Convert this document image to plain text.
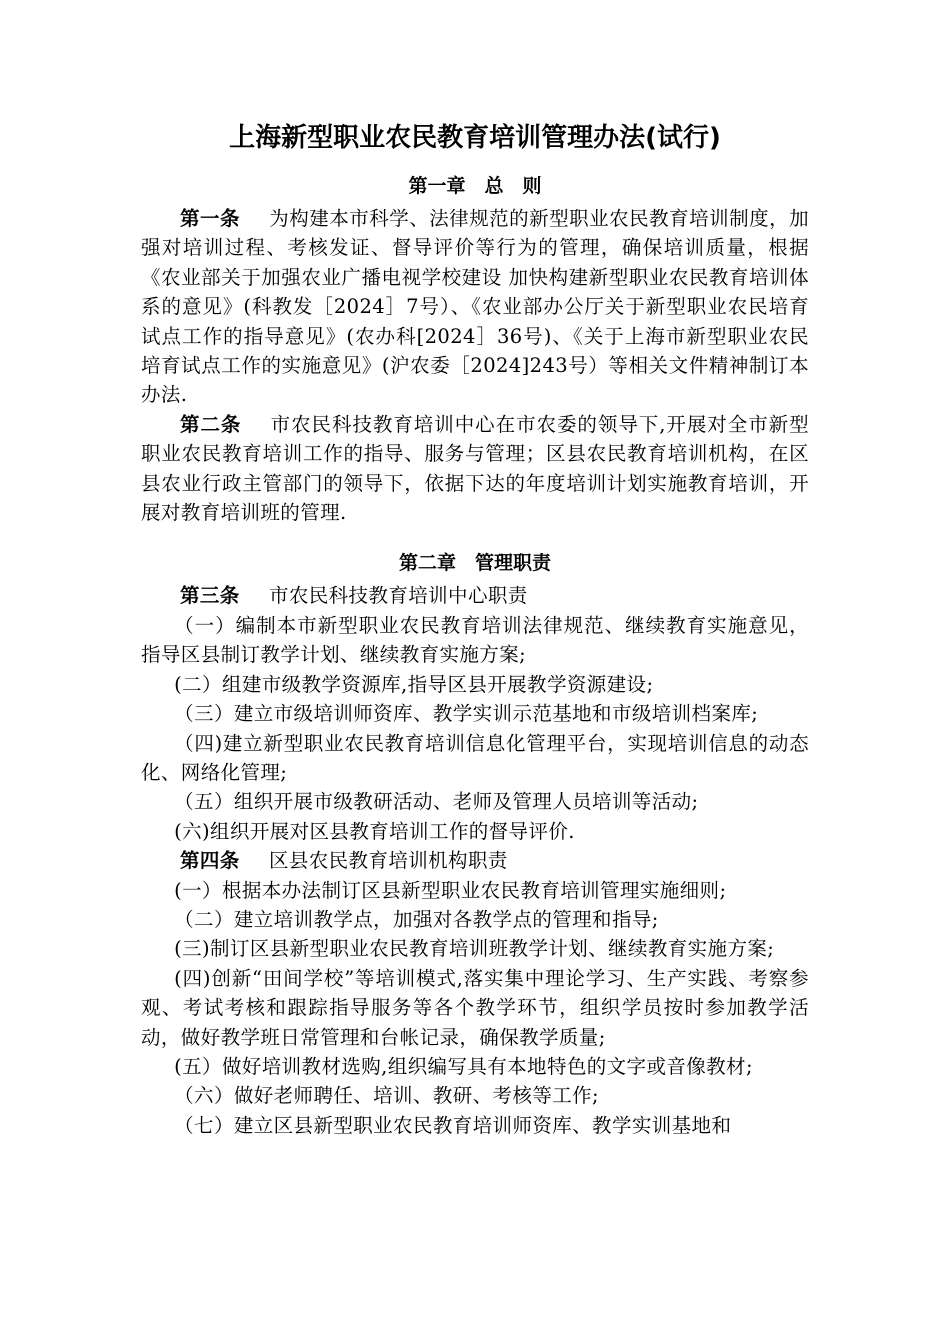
上海新型职业农民教育培训管理办法(试行)
第一章　总　则

第一条 为构建本市科学、法律规范的新型职业农民教育培训制度，加强对培训过程、考核发证、督导评价等行为的管理，确保培训质量，根据《农业部关于加强农业广播电视学校建设 加快构建新型职业农民教育培训体系的意见》(科教发［2024］7号）、《农业部办公厅关于新型职业农民培育试点工作的指导意见》(农办科[2024］36号)、《关于上海市新型职业农民培育试点工作的实施意见》(沪农委［2024]243号）等相关文件精神制订本办法.

第二条 市农民科技教育培训中心在市农委的领导下,开展对全市新型职业农民教育培训工作的指导、服务与管理；区县农民教育培训机构，在区县农业行政主管部门的领导下，依据下达的年度培训计划实施教育培训，开展对教育培训班的管理.

第二章　管理职责

第三条 市农民科技教育培训中心职责

（一）编制本市新型职业农民教育培训法律规范、继续教育实施意见，指导区县制订教学计划、继续教育实施方案;

(二）组建市级教学资源库,指导区县开展教学资源建设;

（三）建立市级培训师资库、教学实训示范基地和市级培训档案库;

（四)建立新型职业农民教育培训信息化管理平台，实现培训信息的动态化、网络化管理;

（五）组织开展市级教研活动、老师及管理人员培训等活动;

(六)组织开展对区县教育培训工作的督导评价.

第四条 区县农民教育培训机构职责

(一）根据本办法制订区县新型职业农民教育培训管理实施细则;

（二）建立培训教学点，加强对各教学点的管理和指导;

(三)制订区县新型职业农民教育培训班教学计划、继续教育实施方案;

(四)创新“田间学校”等培训模式,落实集中理论学习、生产实践、考察参观、考试考核和跟踪指导服务等各个教学环节，组织学员按时参加教学活动，做好教学班日常管理和台帐记录，确保教学质量;

(五）做好培训教材选购,组织编写具有本地特色的文字或音像教材;

（六）做好老师聘任、培训、教研、考核等工作;

（七）建立区县新型职业农民教育培训师资库、教学实训基地和
